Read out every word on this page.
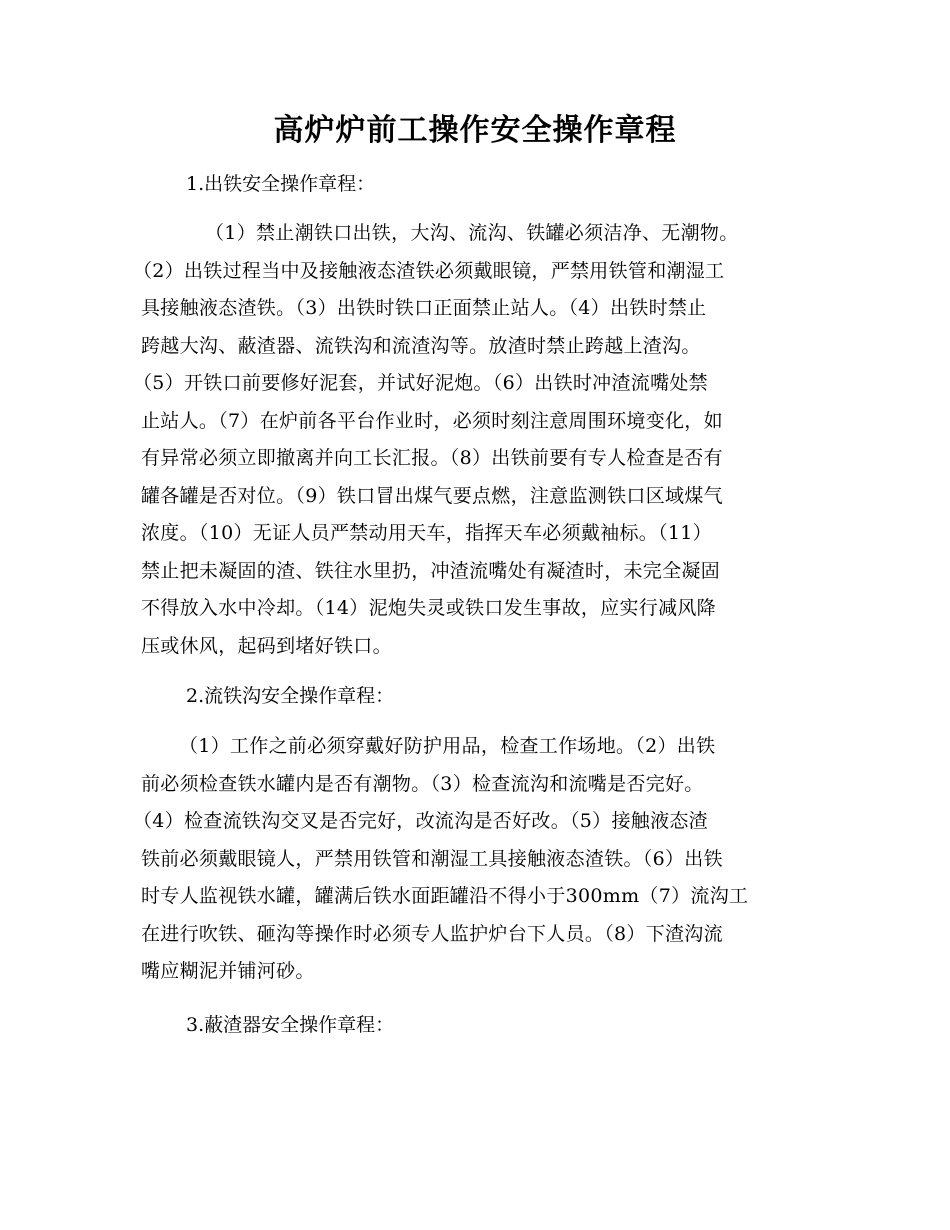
高炉炉前工操作安全操作章程
1.出铁安全操作章程：
（1）禁止潮铁口出铁，大沟、流沟、铁罐必须洁净、无潮物。
（2）出铁过程当中及接触液态渣铁必须戴眼镜，严禁用铁管和潮湿工
具接触液态渣铁。（3）出铁时铁口正面禁止站人。（4）出铁时禁止
跨越大沟、蔽渣器、流铁沟和流渣沟等。放渣时禁止跨越上渣沟。
（5）开铁口前要修好泥套，并试好泥炮。（6）出铁时冲渣流嘴处禁
止站人。（7）在炉前各平台作业时，必须时刻注意周围环境变化，如
有异常必须立即撤离并向工长汇报。（8）出铁前要有专人检查是否有
罐各罐是否对位。（9）铁口冒出煤气要点燃，注意监测铁口区域煤气
浓度。（10）无证人员严禁动用天车，指挥天车必须戴袖标。（11）
禁止把未凝固的渣、铁往水里扔，冲渣流嘴处有凝渣时，未完全凝固
不得放入水中冷却。（14）泥炮失灵或铁口发生事故，应实行减风降
压或休风，起码到堵好铁口。
2.流铁沟安全操作章程：
（1）工作之前必须穿戴好防护用品，检查工作场地。（2）出铁
前必须检查铁水罐内是否有潮物。（3）检查流沟和流嘴是否完好。
（4）检查流铁沟交叉是否完好，改流沟是否好改。（5）接触液态渣
铁前必须戴眼镜人，严禁用铁管和潮湿工具接触液态渣铁。（6）出铁
时专人监视铁水罐，罐满后铁水面距罐沿不得小于300mm（7）流沟工
在进行吹铁、砸沟等操作时必须专人监护炉台下人员。（8）下渣沟流
嘴应糊泥并铺河砂。
3.蔽渣器安全操作章程：
